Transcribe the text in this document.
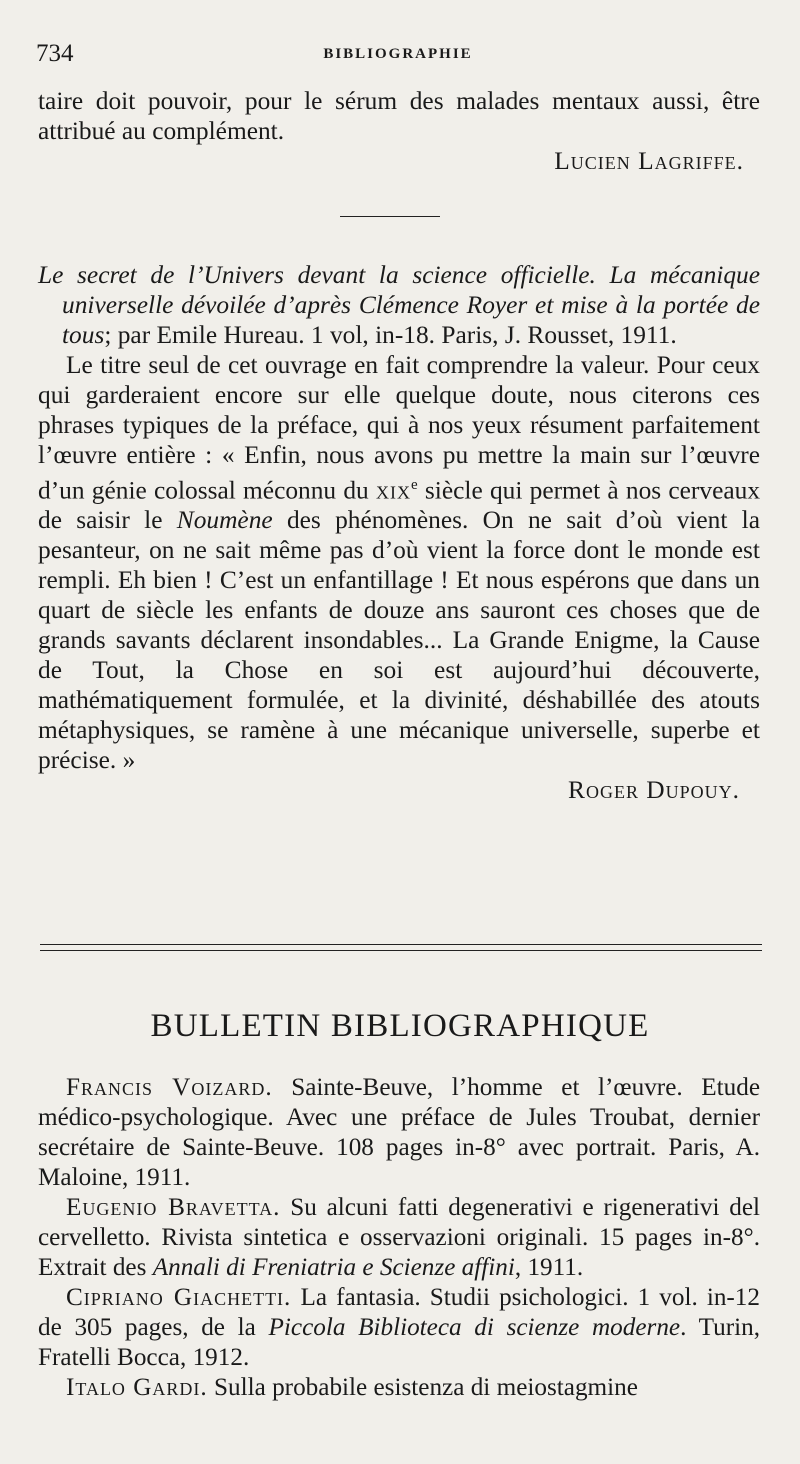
734	BIBLIOGRAPHIE

taire doit pouvoir, pour le sérum des malades mentaux aussi, être attribué au complément.

Lucien Lagriffe.

Le secret de l’Univers devant la science officielle. La mécanique universelle dévoilée d’après Clémence Royer et mise à la portée de tous; par Emile Hureau. 1 vol, in-18. Paris, J. Rousset, 1911.

Le titre seul de cet ouvrage en fait comprendre la valeur. Pour ceux qui garderaient encore sur elle quelque doute, nous citerons ces phrases typiques de la préface, qui à nos yeux résument parfaitement l’œuvre entière : « Enfin, nous avons pu mettre la main sur l’œuvre d’un génie colossal méconnu du xix$^e$ siècle qui permet à nos cerveaux de saisir le Noumène des phénomènes. On ne sait d’où vient la pesanteur, on ne sait même pas d’où vient la force dont le monde est rempli. Eh bien ! C’est un enfantillage ! Et nous espérons que dans un quart de siècle les enfants de douze ans sauront ces choses que de grands savants déclarent insondables... La Grande Enigme, la Cause de Tout, la Chose en soi est aujourd’hui découverte, mathématiquement formulée, et la divinité, déshabillée des atouts métaphysiques, se ramène à une mécanique universelle, superbe et précise. »

Roger Dupouy.

BULLETIN BIBLIOGRAPHIQUE

Francis Voizard. Sainte-Beuve, l’homme et l’œuvre. Etude médico-psychologique. Avec une préface de Jules Troubat, dernier secrétaire de Sainte-Beuve. 108 pages in-8° avec portrait. Paris, A. Maloine, 1911.

Eugenio Bravetta. Su alcuni fatti degenerativi e rigenerativi del cervelletto. Rivista sintetica e osservazioni originali. 15 pages in-8°. Extrait des Annali di Freniatria e Scienze affini, 1911.

Cipriano Giachetti. La fantasia. Studii psichologici. 1 vol. in-12 de 305 pages, de la Piccola Biblioteca di scienze moderne. Turin, Fratelli Bocca, 1912.

Italo Gardi. Sulla probabile esistenza di meiostagmine
